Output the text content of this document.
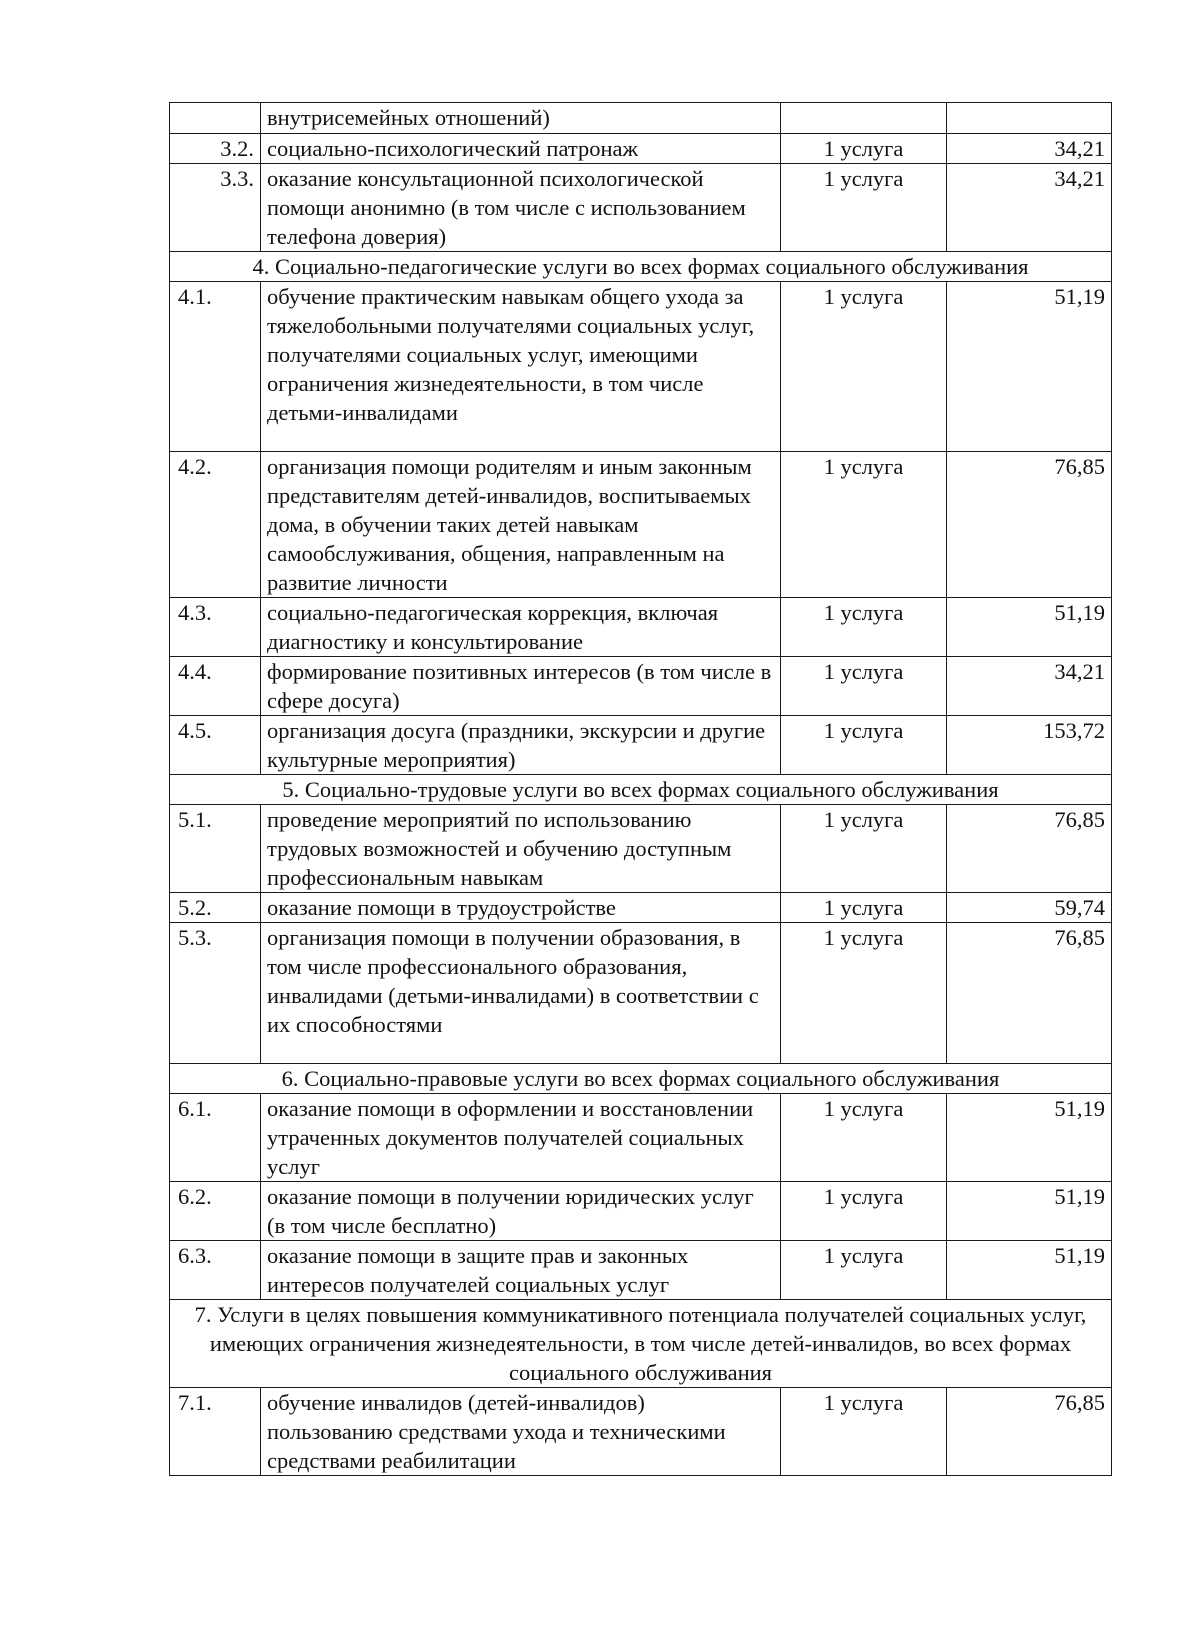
	внутрисемейных отношений)		
3.2.	социально-психологический патронаж	1 услуга	34,21
3.3.	оказание консультационной психологической помощи анонимно (в том числе с использованием телефона доверия)	1 услуга	34,21
4. Социально-педагогические услуги во всех формах социального обслуживания			
4.1.	обучение практическим навыкам общего ухода за тяжелобольными получателями социальных услуг, получателями социальных услуг, имеющими ограничения жизнедеятельности, в том числе детьми-инвалидами	1 услуга	51,19
4.2.	организация помощи родителям и иным законным представителям детей-инвалидов, воспитываемых дома, в обучении таких детей навыкам самообслуживания, общения, направленным на развитие личности	1 услуга	76,85
4.3.	социально-педагогическая коррекция, включая диагностику и консультирование	1 услуга	51,19
4.4.	формирование позитивных интересов (в том числе в сфере досуга)	1 услуга	34,21
4.5.	организация досуга (праздники, экскурсии и другие культурные мероприятия)	1 услуга	153,72
5. Социально-трудовые услуги во всех формах социального обслуживания			
5.1.	проведение мероприятий по использованию трудовых возможностей и обучению доступным профессиональным навыкам	1 услуга	76,85
5.2.	оказание помощи в трудоустройстве	1 услуга	59,74
5.3.	организация помощи в получении образования, в том числе профессионального образования, инвалидами (детьми-инвалидами) в соответствии с их способностями	1 услуга	76,85
6. Социально-правовые услуги во всех формах социального обслуживания			
6.1.	оказание помощи в оформлении и восстановлении утраченных документов получателей социальных услуг	1 услуга	51,19
6.2.	оказание помощи в получении юридических услуг (в том числе бесплатно)	1 услуга	51,19
6.3.	оказание помощи в защите прав и законных интересов получателей социальных услуг	1 услуга	51,19
7. Услуги в целях повышения коммуникативного потенциала получателей социальных услуг, имеющих ограничения жизнедеятельности, в том числе детей-инвалидов, во всех формах социального обслуживания			
7.1.	обучение инвалидов (детей-инвалидов) пользованию средствами ухода и техническими средствами реабилитации	1 услуга	76,85
